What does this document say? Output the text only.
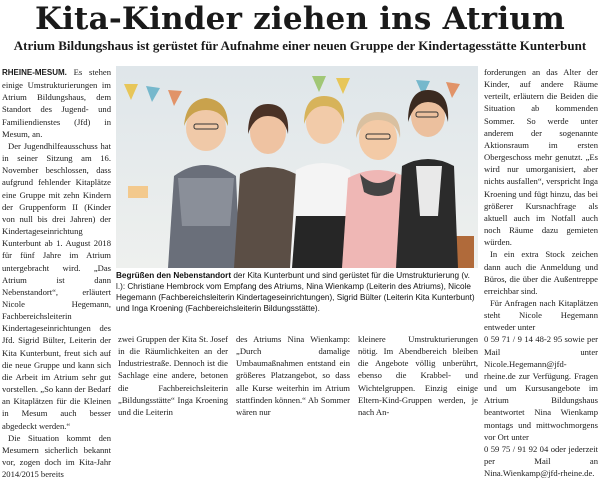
Kita-Kinder ziehen ins Atrium
Atrium Bildungshaus ist gerüstet für Aufnahme einer neuen Gruppe der Kindertagesstätte Kunterbunt

RHEINE-MESUM. Es stehen einige Umstrukturierungen im Atrium Bildungshaus, dem Standort des Jugend- und Familiendienstes (Jfd) in Mesum, an.

Der Jugendhilfeausschuss hat in seiner Sitzung am 16. November beschlossen, dass aufgrund fehlender Kitaplätze eine Gruppe mit zehn Kindern der Gruppenform II (Kinder von null bis drei Jahren) der Kindertageseinrichtung Kunterbunt ab 1. August 2018 für fünf Jahre im Atrium untergebracht wird. „Das Atrium ist dann Nebenstandort“, erläutert Nicole Hegemann, Fachbereichsleiterin Kindertageseinrichtungen des Jfd. Sigrid Bülter, Leiterin der Kita Kunterbunt, freut sich auf die neue Gruppe und kann sich die Arbeit im Atrium sehr gut vorstellen. „So kann der Bedarf an Kitaplätzen für die Kleinen in Mesum auch besser abgedeckt werden.“

Die Situation kommt den Mesumern sicherlich bekannt vor, zogen doch im Kita-Jahr 2014/2015 bereits

Begrüßen den Nebenstandort der Kita Kunterbunt und sind gerüstet für die Umstrukturierung (v. l.): Christiane Hembrock vom Empfang des Atriums, Nina Wienkamp (Leiterin des Atriums), Nicole Hegemann (Fachbereichsleiterin Kindertageseinrichtungen), Sigrid Bülter (Leiterin Kita Kunterbunt) und Inga Kroening (Fachbereichsleiterin Bildungsstätte).

zwei Gruppen der Kita St. Josef in die Räumlichkeiten an der Industriestraße. Dennoch ist die Sachlage eine andere, betonen die Fachbereichsleiterin „Bildungsstätte“ Inga Kroening und die Leiterin

des Atriums Nina Wienkamp: „Durch damalige Umbaumaßnahmen entstand ein größeres Platzangebot, so dass alle Kurse weiterhin im Atrium stattfinden können.“ Ab Sommer wären nur

kleinere Umstrukturierungen nötig. Im Abendbereich bleiben die Angebote völlig unberührt, ebenso die Krabbel- und Wichtelgruppen. Einzig einige Eltern-Kind-Gruppen werden, je nach An-

forderungen an das Alter der Kinder, auf andere Räume verteilt, erläutern die Beiden die Situation ab kommenden Sommer. So werde unter anderem der sogenannte Aktionsraum im ersten Obergeschoss mehr genutzt. „Es wird nur umorganisiert, aber nichts ausfallen“, verspricht Inga Kroening und fügt hinzu, das bei größerer Kursnachfrage als aktuell auch im Notfall auch noch Räume dazu gemieten würden.

In ein extra Stock zeichen dann auch die Anmeldung und Büros, die über die Außentreppe erreichbar sind.

Für Anfragen nach Kitaplätzen steht Nicole Hegemann entweder unter

0 59 71 / 9 14 48-2 95 sowie per Mail unter Nicole.Hegemann@jfd-rheine.de zur Verfügung. Fragen und um Kursusangebote im Atrium Bildungshaus beantwortet Nina Wienkamp montags und mittwochmorgens vor Ort unter

0 59 75 / 91 92 04 oder jederzeit per Mail an Nina.Wienkamp@jfd-rheine.de.
